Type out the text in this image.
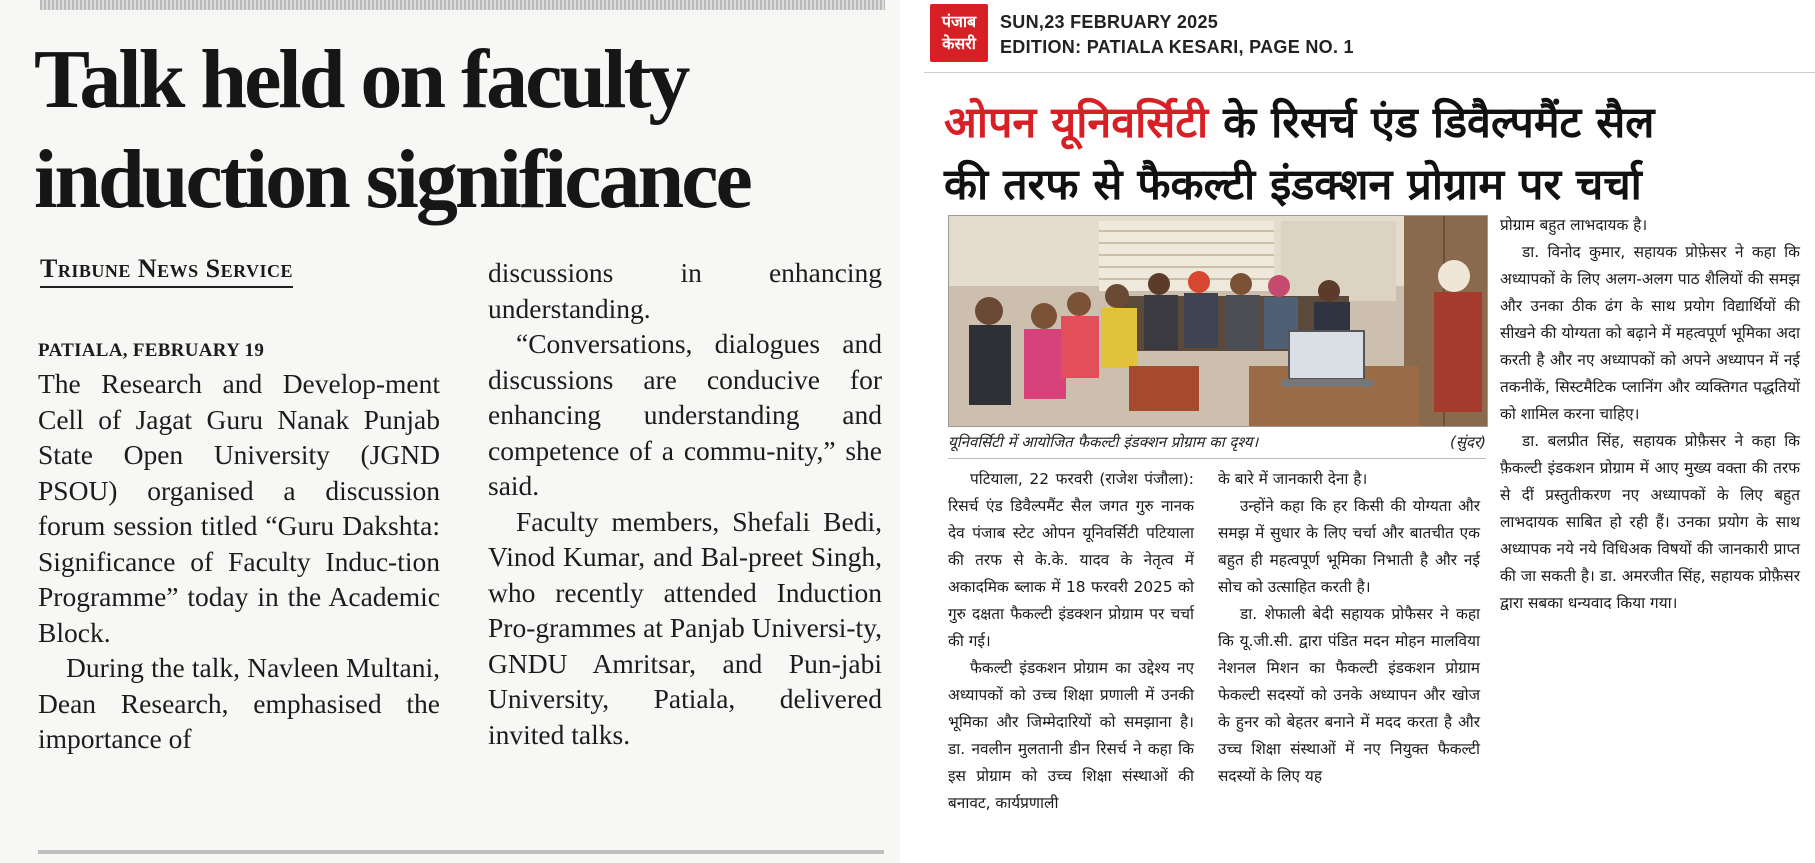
Talk held on faculty
induction significance
Tribune News Service
PATIALA, FEBRUARY 19

The Research and Develop-ment Cell of Jagat Guru Nanak Punjab State Open University (JGND PSOU) organised a discussion forum session titled “Guru Dakshta: Significance of Faculty Induc-tion Programme” today in the Academic Block.

During the talk, Navleen Multani, Dean Research, emphasised the importance of

discussions in enhancing understanding.

“Conversations, dialogues and discussions are conducive for enhancing understanding and competence of a commu-nity,” she said.

Faculty members, Shefali Bedi, Vinod Kumar, and Bal-preet Singh, who recently attended Induction Pro-grammes at Panjab Universi-ty, GNDU Amritsar, and Pun-jabi University, Patiala, delivered invited talks.

पंजाब
केसरी
SUN,23 FEBRUARY 2025
EDITION: PATIALA KESARI, PAGE NO. 1
ओपन यूनिवर्सिटी के रिसर्च एंड डिवैल्पमैंट सैल
की तरफ से फैकल्टी इंडक्शन प्रोग्राम पर चर्चा
यूनिवर्सिटी में आयोजित फैकल्टी इंडक्शन प्रोग्राम का दृश्य।	(सुंदर)

पटियाला, 22 फरवरी (राजेश पंजौला): रिसर्च एंड डिवैल्पमैंट सैल जगत गुरु नानक देव पंजाब स्टेट ओपन यूनिवर्सिटी पटियाला की तरफ से के.के. यादव के नेतृत्व में अकादमिक ब्लाक में 18 फरवरी 2025 को गुरु दक्षता फैकल्टी इंडक्शन प्रोग्राम पर चर्चा की गई।

फैकल्टी इंडकशन प्रोग्राम का उद्देश्य नए अध्यापकों को उच्च शिक्षा प्रणाली में उनकी भूमिका और जिम्मेदारियों को समझाना है। डा. नवलीन मुलतानी डीन रिसर्च ने कहा कि इस प्रोग्राम को उच्च शिक्षा संस्थाओं की बनावट, कार्यप्रणाली

के बारे में जानकारी देना है।

उन्होंने कहा कि हर किसी की योग्यता और समझ में सुधार के लिए चर्चा और बातचीत एक बहुत ही महत्वपूर्ण भूमिका निभाती है और नई सोच को उत्साहित करती है।

डा. शेफाली बेदी सहायक प्रोफैसर ने कहा कि यू.जी.सी. द्वारा पंडित मदन मोहन मालविया नेशनल मिशन का फैकल्टी इंडकशन प्रोग्राम फेकल्टी सदस्यों को उनके अध्यापन और खोज के हुनर को बेहतर बनाने में मदद करता है और उच्च शिक्षा संस्थाओं में नए नियुक्त फैकल्टी सदस्यों के लिए यह

प्रोग्राम बहुत लाभदायक है।

डा. विनोद कुमार, सहायक प्रोफ़ेसर ने कहा कि अध्यापकों के लिए अलग-अलग पाठ शैलियों की समझ और उनका ठीक ढंग के साथ प्रयोग विद्यार्थियों की सीखने की योग्यता को बढ़ाने में महत्वपूर्ण भूमिका अदा करती है और नए अध्यापकों को अपने अध्यापन में नई तकनीकें, सिस्टमैटिक प्लानिंग और व्यक्तिगत पद्धतियों को शामिल करना चाहिए।

डा. बलप्रीत सिंह, सहायक प्रोफ़ैसर ने कहा कि फ़ैकल्टी इंडकशन प्रोग्राम में आए मुख्य वक्ता की तरफ से दीं प्रस्तुतीकरण नए अध्यापकों के लिए बहुत लाभदायक साबित हो रही हैं। उनका प्रयोग के साथ अध्यापक नये नये विधिअक विषयों की जानकारी प्राप्त की जा सकती है। डा. अमरजीत सिंह, सहायक प्रोफ़ैसर द्वारा सबका धन्यवाद किया गया।
